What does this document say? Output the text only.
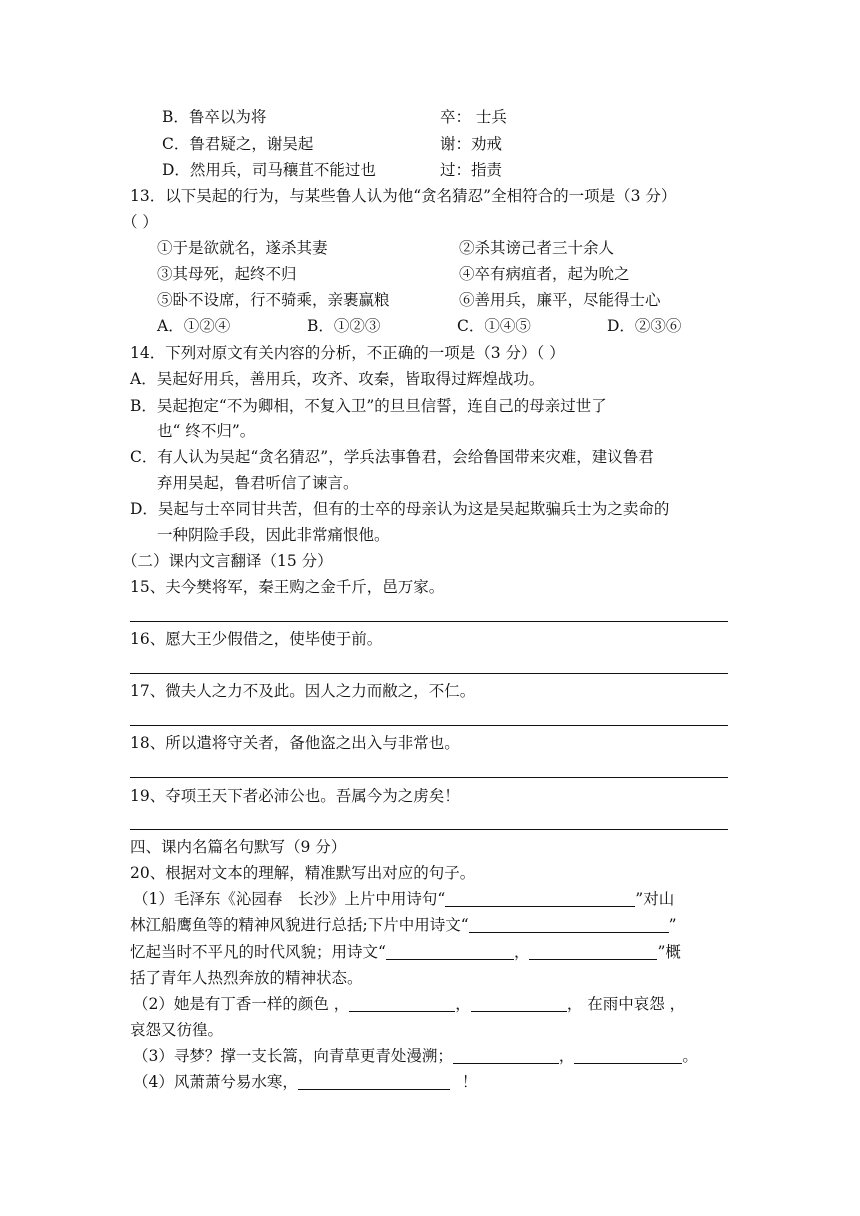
B．鲁卒以为将	卒： 士兵
C．鲁君疑之，谢吴起	谢：劝戒
D．然用兵，司马穰苴不能过也	过：指责
13．以下吴起的行为，与某些鲁人认为他“贪名猜忍”全相符合的一项是（3 分）
（ ）
①于是欲就名，遂杀其妻	②杀其谤己者三十余人
③其母死，起终不归	④卒有病疽者，起为吮之
⑤卧不设席，行不骑乘，亲裹赢粮	⑥善用兵，廉平，尽能得士心
A．①②④	B．①②③	C．①④⑤	D．②③⑥
14．下列对原文有关内容的分析，不正确的一项是（3 分）（ ）
A．吴起好用兵，善用兵，攻齐、攻秦，皆取得过辉煌战功。
B．吴起抱定“不为卿相，不复入卫”的旦旦信誓，连自己的母亲过世了
也“ 终不归”。
C．有人认为吴起“贪名猜忍”，学兵法事鲁君，会给鲁国带来灾难，建议鲁君
弃用吴起，鲁君听信了谏言。
D．吴起与士卒同甘共苦，但有的士卒的母亲认为这是吴起欺骗兵士为之卖命的
一种阴险手段，因此非常痛恨他。
（二）课内文言翻译（15 分）
15、夫今樊将军，秦王购之金千斤，邑万家。
16、愿大王少假借之，使毕使于前。
17、微夫人之力不及此。因人之力而敝之，不仁。
18、所以遣将守关者，备他盗之出入与非常也。
19、夺项王天下者必沛公也。吾属今为之虏矣！
四、课内名篇名句默写（9 分）
20、根据对文本的理解，精准默写出对应的句子。
（1）毛泽东《沁园春　长沙》上片中用诗句“	”对山
林江船鹰鱼等的精神风貌进行总括;下片中用诗文“	”
忆起当时不平凡的时代风貌；用诗文“	，	”概
括了青年人热烈奔放的精神状态。
（2）她是有丁香一样的颜色 ，	，	， 在雨中哀怨 ，
哀怨又彷徨。
（3）寻梦？撑一支长篙，向青草更青处漫溯；	，	。
（4）风萧萧兮易水寒，	！
